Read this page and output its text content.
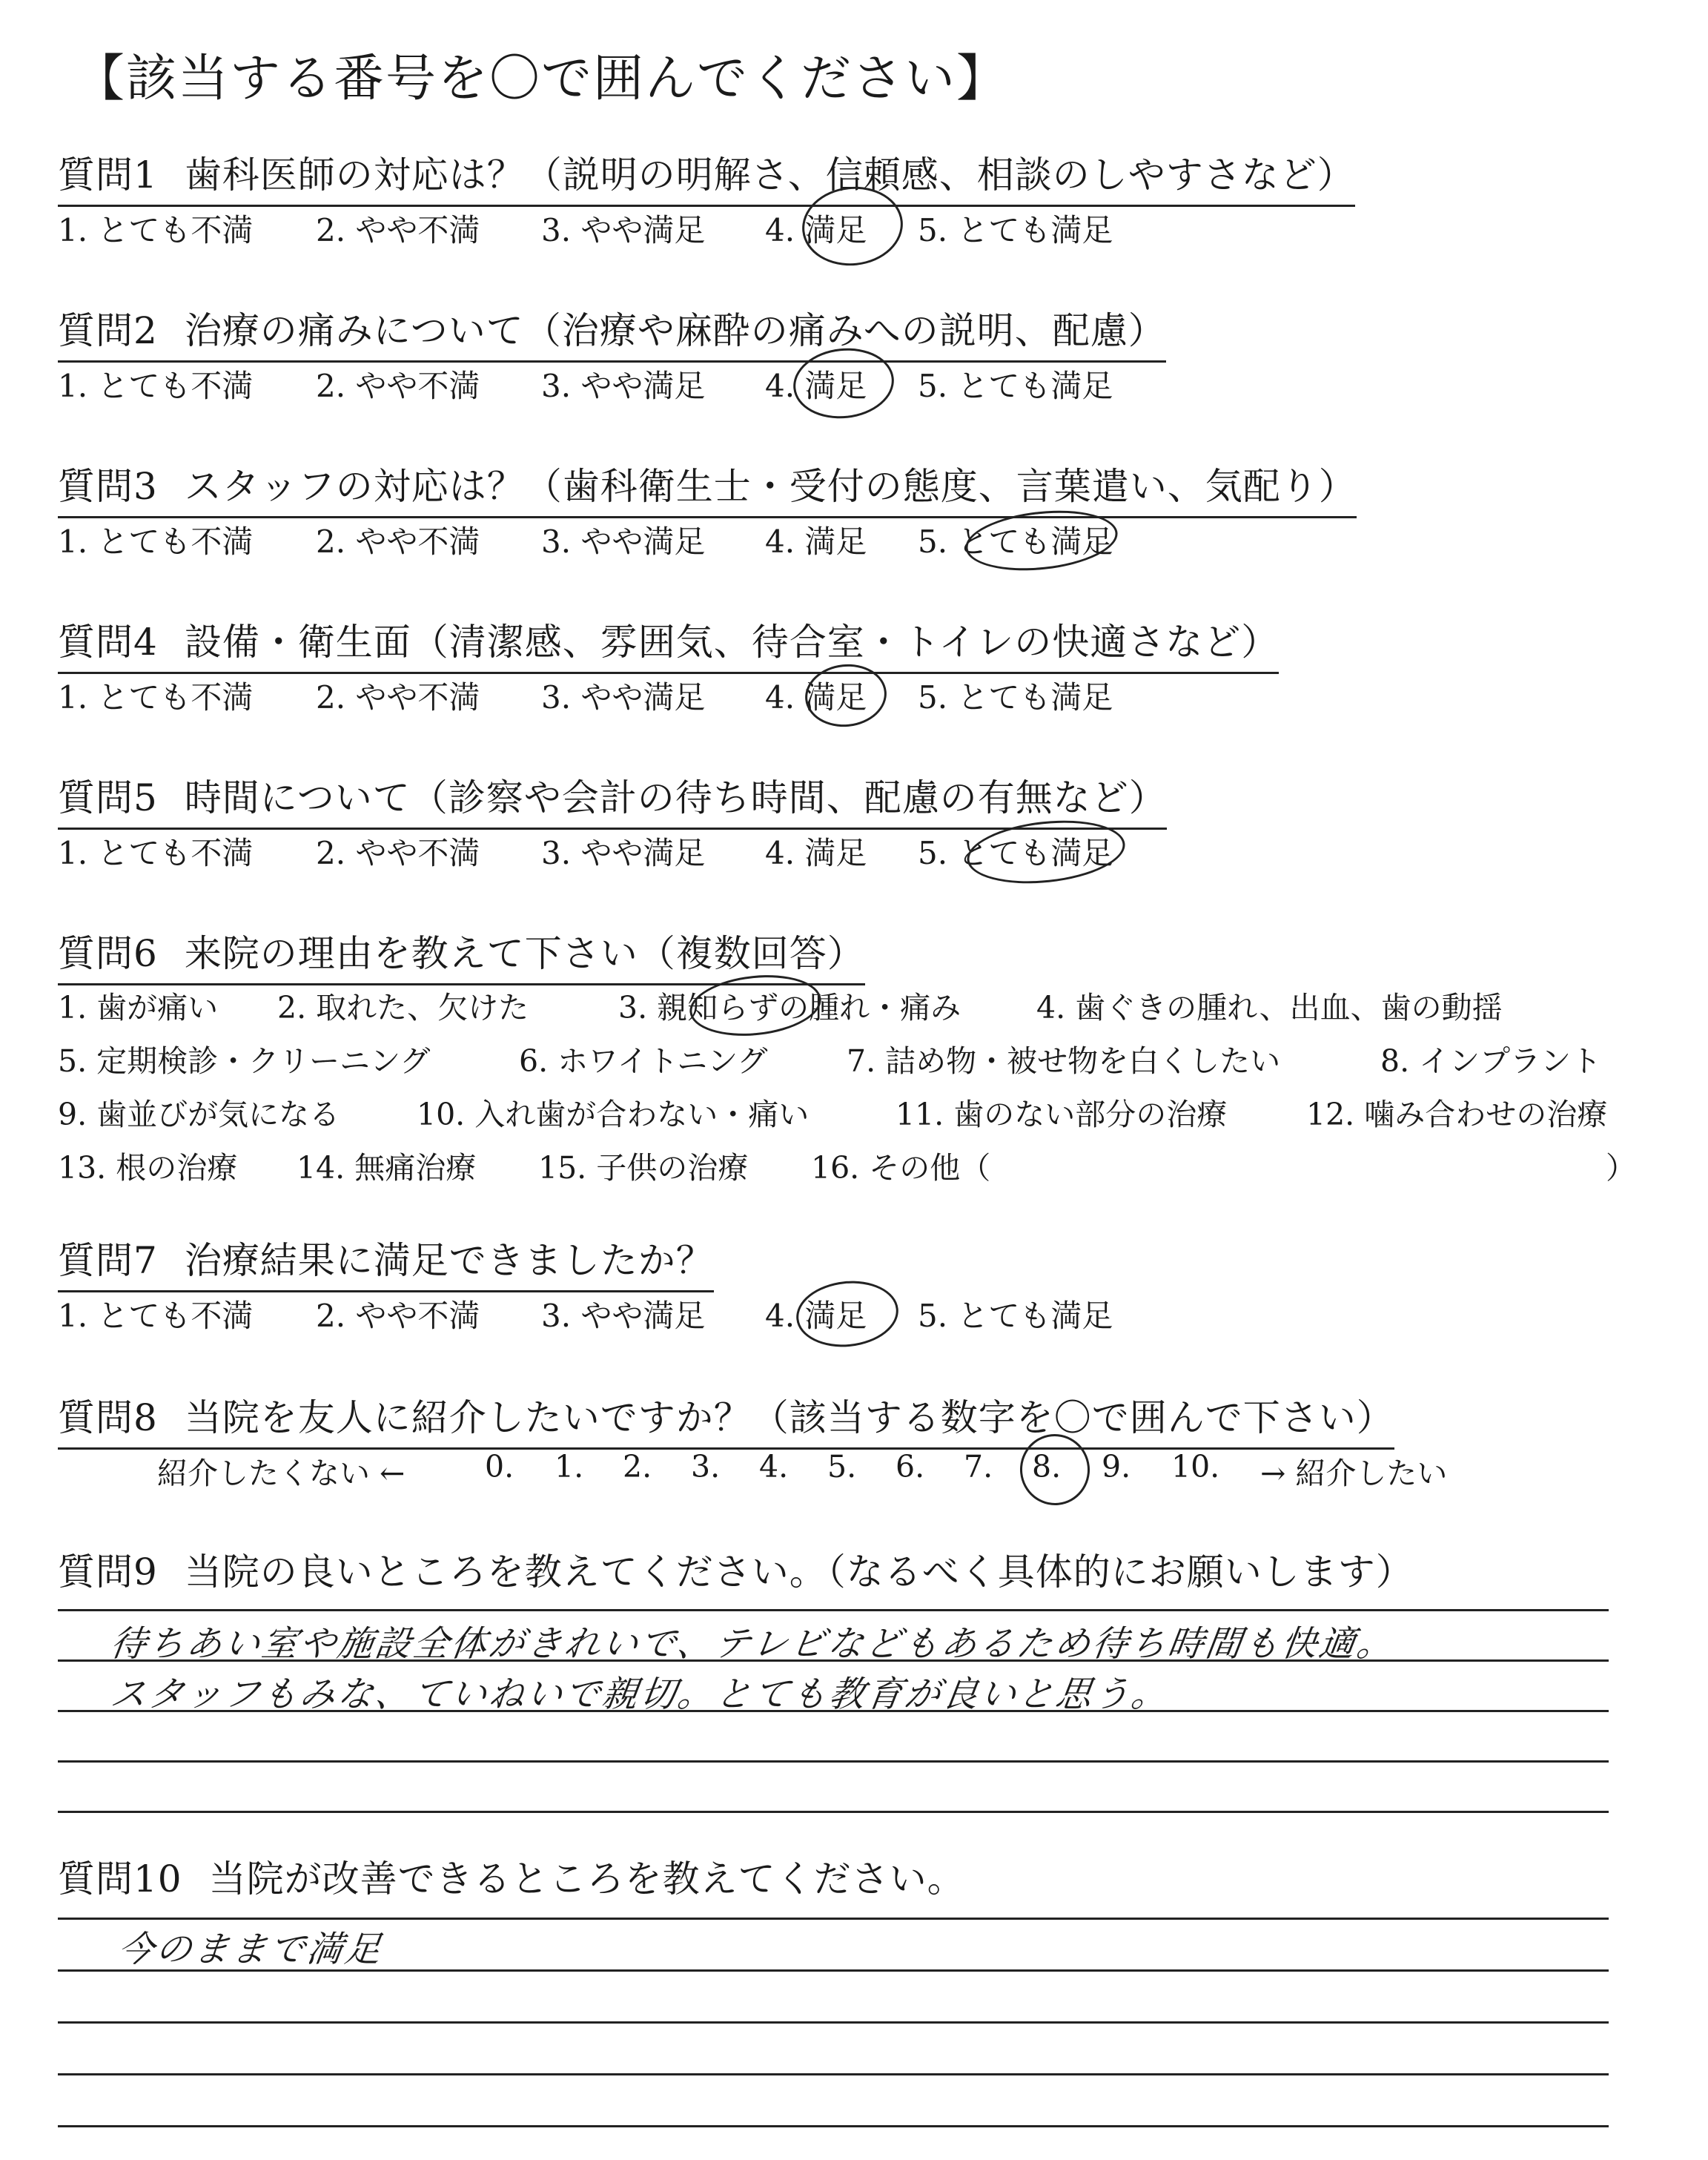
【該当する番号を〇で囲んでください】
質問1 歯科医師の対応は？（説明の明解さ、信頼感、相談のしやすさなど）
1. とても不満 2. やや不満 3. やや満足 4. 満足 5. とても満足
質問2 治療の痛みについて（治療や麻酔の痛みへの説明、配慮）
1. とても不満 2. やや不満 3. やや満足 4. 満足 5. とても満足
質問3 スタッフの対応は？（歯科衛生士・受付の態度、言葉遣い、気配り）
1. とても不満 2. やや不満 3. やや満足 4. 満足 5. とても満足
質問4 設備・衛生面（清潔感、雰囲気、待合室・トイレの快適さなど）
1. とても不満 2. やや不満 3. やや満足 4. 満足 5. とても満足
質問5 時間について（診察や会計の待ち時間、配慮の有無など）
1. とても不満 2. やや不満 3. やや満足 4. 満足 5. とても満足
質問6 来院の理由を教えて下さい（複数回答）
1. 歯が痛い 2. 取れた、欠けた	3. 親知らずの腫れ・痛み 4. 歯ぐきの腫れ、出血、歯の動揺
5. 定期検診・クリーニング	6. ホワイトニング	7. 詰め物・被せ物を白くしたい	8. インプラント
9. 歯並びが気になる	10. 入れ歯が合わない・痛い	11. 歯のない部分の治療	12. 噛み合わせの治療
13. 根の治療 14. 無痛治療 15. 子供の治療 16. その他（	）
質問7 治療結果に満足できましたか？
1. とても不満 2. やや不満 3. やや満足 4. 満足 5. とても満足
質問8 当院を友人に紹介したいですか？（該当する数字を〇で囲んで下さい）
紹介したくない ←	0. 1. 2. 3. 4. 5. 6. 7. 8. 9. 10. → 紹介したい
質問9 当院の良いところを教えてください。（なるべく具体的にお願いします）
待ちあい室や施設全体がきれいで、テレビなどもあるため待ち時間も快適。
スタッフもみな、ていねいで親切。とても教育が良いと思う。
質問10 当院が改善できるところを教えてください。
今のままで満足
